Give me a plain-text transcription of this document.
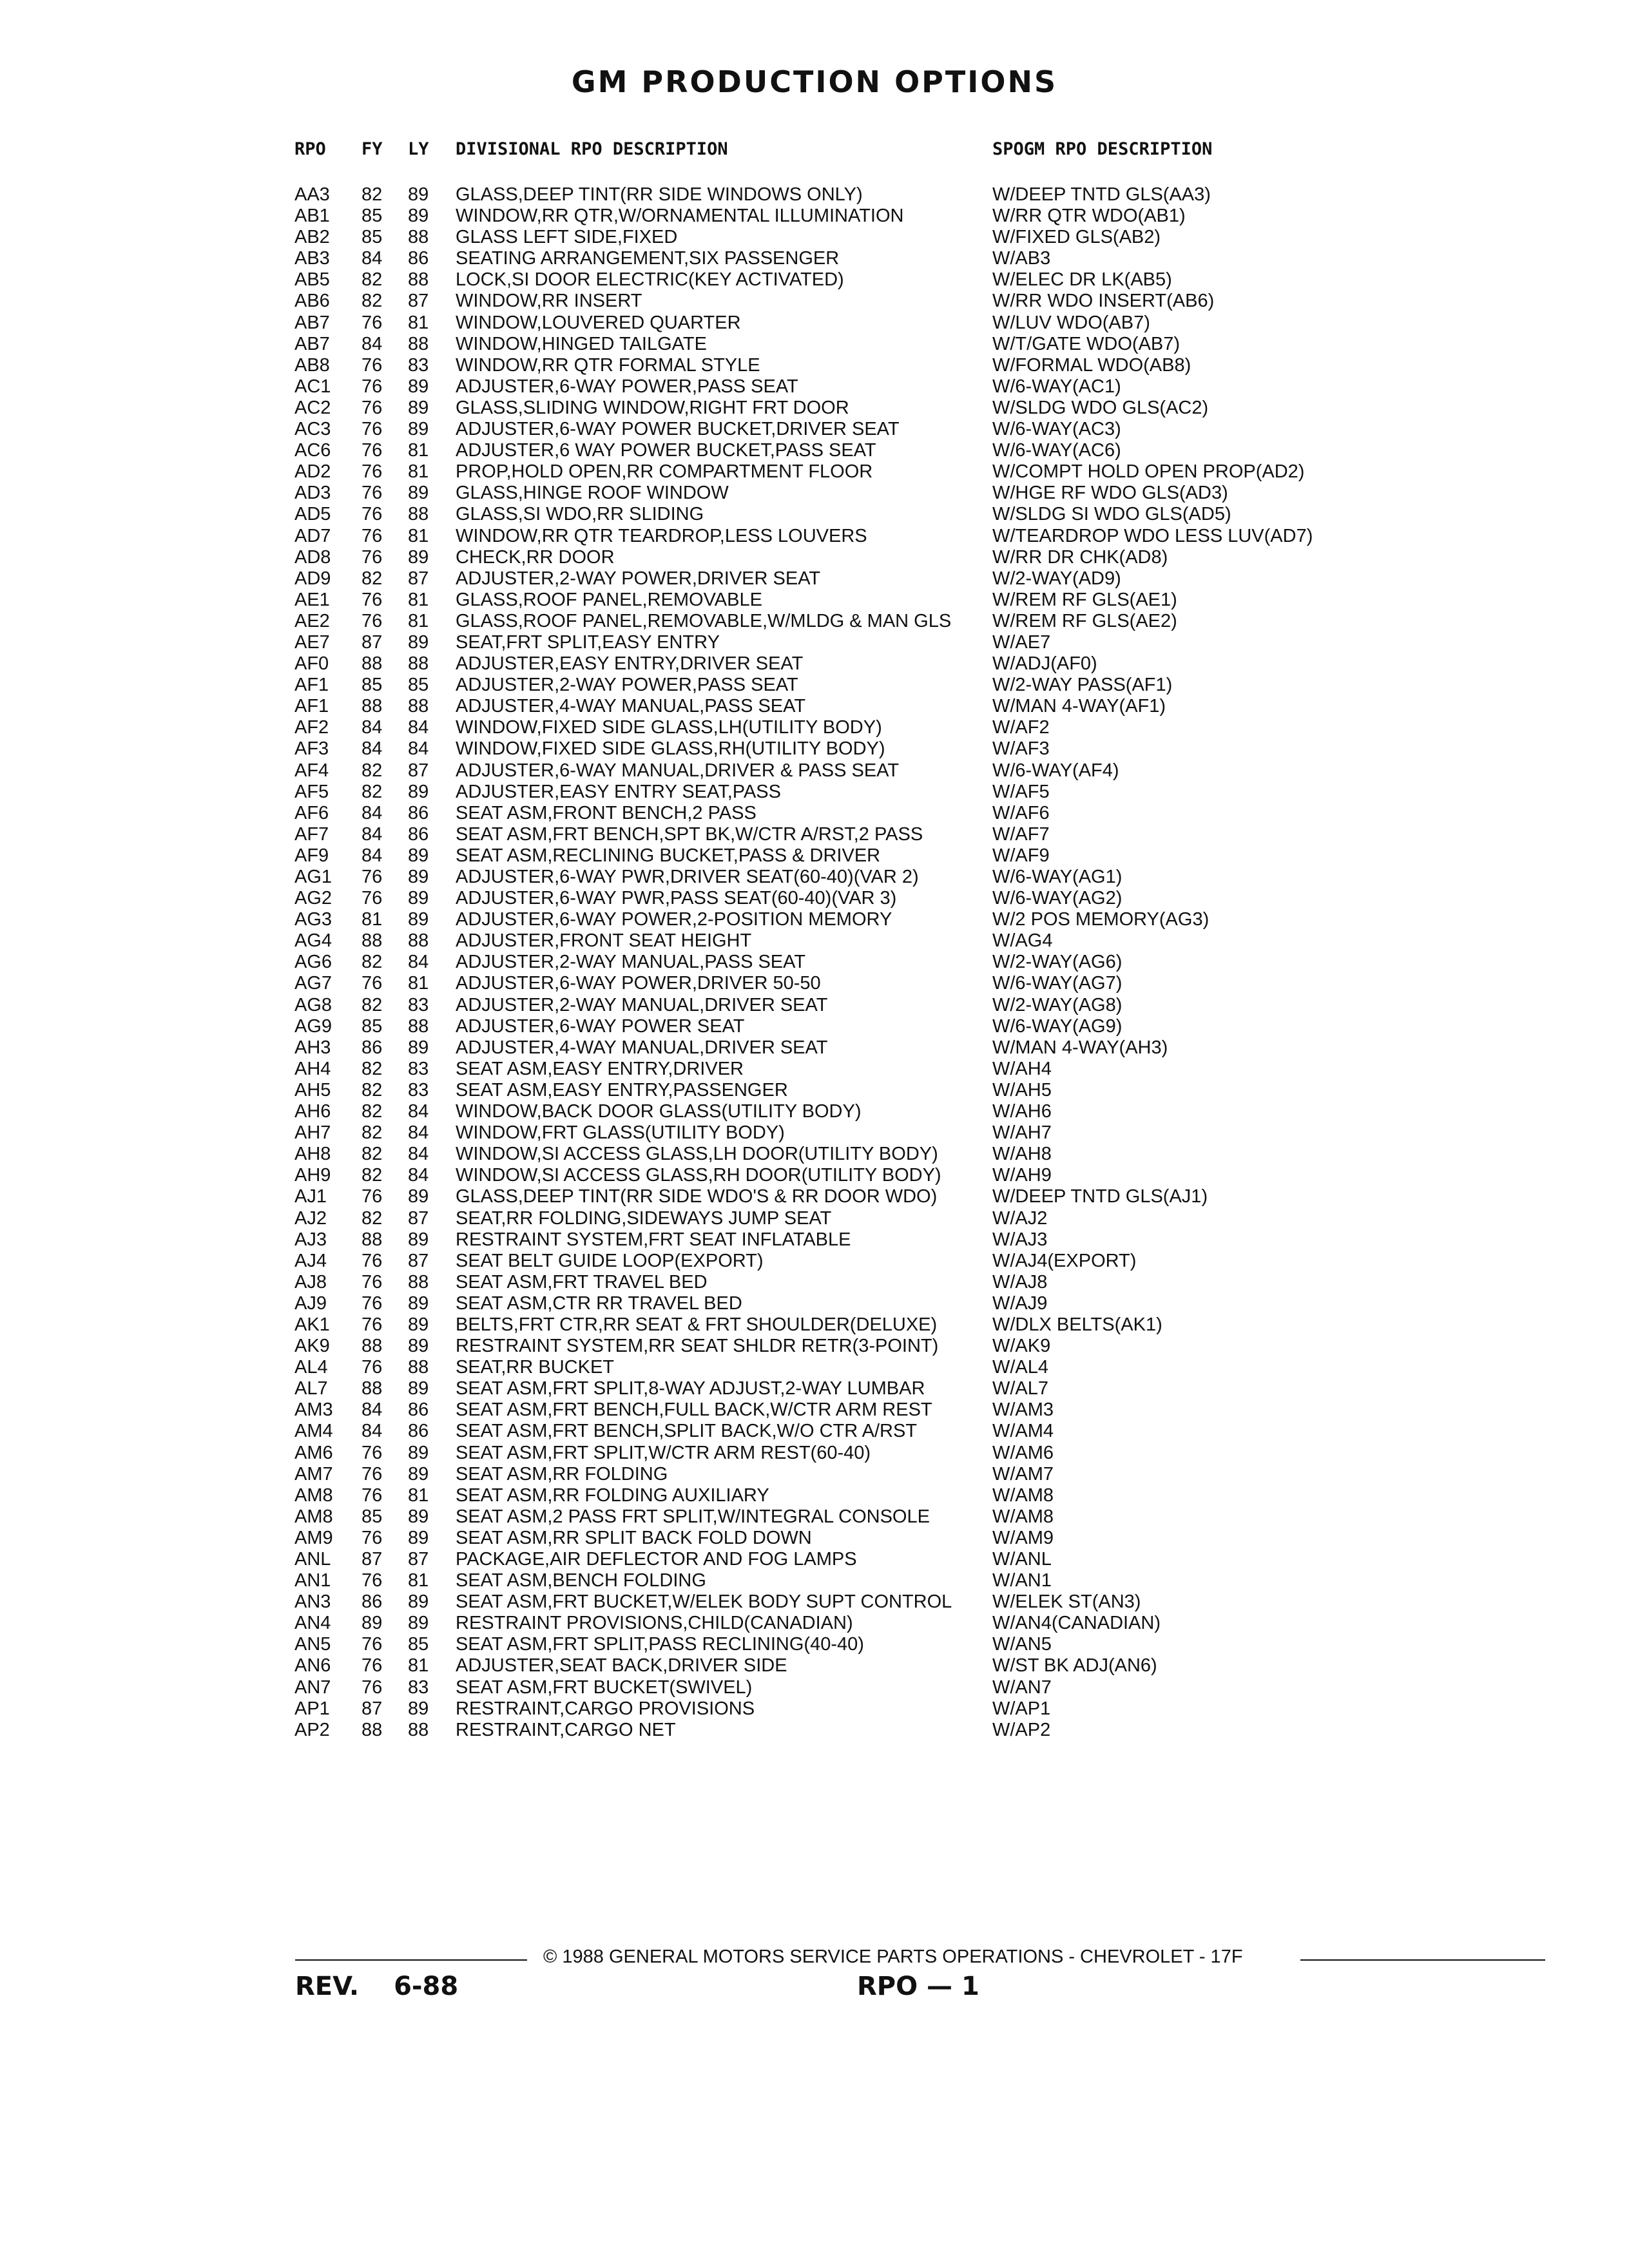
GM PRODUCTION OPTIONS
RPO FY LY DIVISIONAL RPO DESCRIPTION	SPOGM RPO DESCRIPTION
AA3 82 89 GLASS,DEEP TINT(RR SIDE WINDOWS ONLY)	W/DEEP TNTD GLS(AA3)
AB1 85 89 WINDOW,RR QTR,W/ORNAMENTAL ILLUMINATION	W/RR QTR WDO(AB1)
AB2 85 88 GLASS LEFT SIDE,FIXED	W/FIXED GLS(AB2)
AB3 84 86 SEATING ARRANGEMENT,SIX PASSENGER	W/AB3
AB5 82 88 LOCK,SI DOOR ELECTRIC(KEY ACTIVATED)	W/ELEC DR LK(AB5)
AB6 82 87 WINDOW,RR INSERT	W/RR WDO INSERT(AB6)
AB7 76 81 WINDOW,LOUVERED QUARTER	W/LUV WDO(AB7)
AB7 84 88 WINDOW,HINGED TAILGATE	W/T/GATE WDO(AB7)
AB8 76 83 WINDOW,RR QTR FORMAL STYLE	W/FORMAL WDO(AB8)
AC1 76 89 ADJUSTER,6-WAY POWER,PASS SEAT	W/6-WAY(AC1)
AC2 76 89 GLASS,SLIDING WINDOW,RIGHT FRT DOOR	W/SLDG WDO GLS(AC2)
AC3 76 89 ADJUSTER,6-WAY POWER BUCKET,DRIVER SEAT	W/6-WAY(AC3)
AC6 76 81 ADJUSTER,6 WAY POWER BUCKET,PASS SEAT	W/6-WAY(AC6)
AD2 76 81 PROP,HOLD OPEN,RR COMPARTMENT FLOOR	W/COMPT HOLD OPEN PROP(AD2)
AD3 76 89 GLASS,HINGE ROOF WINDOW	W/HGE RF WDO GLS(AD3)
AD5 76 88 GLASS,SI WDO,RR SLIDING	W/SLDG SI WDO GLS(AD5)
AD7 76 81 WINDOW,RR QTR TEARDROP,LESS LOUVERS	W/TEARDROP WDO LESS LUV(AD7)
AD8 76 89 CHECK,RR DOOR	W/RR DR CHK(AD8)
AD9 82 87 ADJUSTER,2-WAY POWER,DRIVER SEAT	W/2-WAY(AD9)
AE1 76 81 GLASS,ROOF PANEL,REMOVABLE	W/REM RF GLS(AE1)
AE2 76 81 GLASS,ROOF PANEL,REMOVABLE,W/MLDG & MAN GLS	W/REM RF GLS(AE2)
AE7 87 89 SEAT,FRT SPLIT,EASY ENTRY	W/AE7
AF0 88 88 ADJUSTER,EASY ENTRY,DRIVER SEAT	W/ADJ(AF0)
AF1 85 85 ADJUSTER,2-WAY POWER,PASS SEAT	W/2-WAY PASS(AF1)
AF1 88 88 ADJUSTER,4-WAY MANUAL,PASS SEAT	W/MAN 4-WAY(AF1)
AF2 84 84 WINDOW,FIXED SIDE GLASS,LH(UTILITY BODY)	W/AF2
AF3 84 84 WINDOW,FIXED SIDE GLASS,RH(UTILITY BODY)	W/AF3
AF4 82 87 ADJUSTER,6-WAY MANUAL,DRIVER & PASS SEAT	W/6-WAY(AF4)
AF5 82 89 ADJUSTER,EASY ENTRY SEAT,PASS	W/AF5
AF6 84 86 SEAT ASM,FRONT BENCH,2 PASS	W/AF6
AF7 84 86 SEAT ASM,FRT BENCH,SPT BK,W/CTR A/RST,2 PASS	W/AF7
AF9 84 89 SEAT ASM,RECLINING BUCKET,PASS & DRIVER	W/AF9
AG1 76 89 ADJUSTER,6-WAY PWR,DRIVER SEAT(60-40)(VAR 2)	W/6-WAY(AG1)
AG2 76 89 ADJUSTER,6-WAY PWR,PASS SEAT(60-40)(VAR 3)	W/6-WAY(AG2)
AG3 81 89 ADJUSTER,6-WAY POWER,2-POSITION MEMORY	W/2 POS MEMORY(AG3)
AG4 88 88 ADJUSTER,FRONT SEAT HEIGHT	W/AG4
AG6 82 84 ADJUSTER,2-WAY MANUAL,PASS SEAT	W/2-WAY(AG6)
AG7 76 81 ADJUSTER,6-WAY POWER,DRIVER 50-50	W/6-WAY(AG7)
AG8 82 83 ADJUSTER,2-WAY MANUAL,DRIVER SEAT	W/2-WAY(AG8)
AG9 85 88 ADJUSTER,6-WAY POWER SEAT	W/6-WAY(AG9)
AH3 86 89 ADJUSTER,4-WAY MANUAL,DRIVER SEAT	W/MAN 4-WAY(AH3)
AH4 82 83 SEAT ASM,EASY ENTRY,DRIVER	W/AH4
AH5 82 83 SEAT ASM,EASY ENTRY,PASSENGER	W/AH5
AH6 82 84 WINDOW,BACK DOOR GLASS(UTILITY BODY)	W/AH6
AH7 82 84 WINDOW,FRT GLASS(UTILITY BODY)	W/AH7
AH8 82 84 WINDOW,SI ACCESS GLASS,LH DOOR(UTILITY BODY)	W/AH8
AH9 82 84 WINDOW,SI ACCESS GLASS,RH DOOR(UTILITY BODY)	W/AH9
AJ1 76 89 GLASS,DEEP TINT(RR SIDE WDO'S & RR DOOR WDO)	W/DEEP TNTD GLS(AJ1)
AJ2 82 87 SEAT,RR FOLDING,SIDEWAYS JUMP SEAT	W/AJ2
AJ3 88 89 RESTRAINT SYSTEM,FRT SEAT INFLATABLE	W/AJ3
AJ4 76 87 SEAT BELT GUIDE LOOP(EXPORT)	W/AJ4(EXPORT)
AJ8 76 88 SEAT ASM,FRT TRAVEL BED	W/AJ8
AJ9 76 89 SEAT ASM,CTR RR TRAVEL BED	W/AJ9
AK1 76 89 BELTS,FRT CTR,RR SEAT & FRT SHOULDER(DELUXE)	W/DLX BELTS(AK1)
AK9 88 89 RESTRAINT SYSTEM,RR SEAT SHLDR RETR(3-POINT)	W/AK9
AL4 76 88 SEAT,RR BUCKET	W/AL4
AL7 88 89 SEAT ASM,FRT SPLIT,8-WAY ADJUST,2-WAY LUMBAR	W/AL7
AM3 84 86 SEAT ASM,FRT BENCH,FULL BACK,W/CTR ARM REST	W/AM3
AM4 84 86 SEAT ASM,FRT BENCH,SPLIT BACK,W/O CTR A/RST	W/AM4
AM6 76 89 SEAT ASM,FRT SPLIT,W/CTR ARM REST(60-40)	W/AM6
AM7 76 89 SEAT ASM,RR FOLDING	W/AM7
AM8 76 81 SEAT ASM,RR FOLDING AUXILIARY	W/AM8
AM8 85 89 SEAT ASM,2 PASS FRT SPLIT,W/INTEGRAL CONSOLE	W/AM8
AM9 76 89 SEAT ASM,RR SPLIT BACK FOLD DOWN	W/AM9
ANL 87 87 PACKAGE,AIR DEFLECTOR AND FOG LAMPS	W/ANL
AN1 76 81 SEAT ASM,BENCH FOLDING	W/AN1
AN3 86 89 SEAT ASM,FRT BUCKET,W/ELEK BODY SUPT CONTROL	W/ELEK ST(AN3)
AN4 89 89 RESTRAINT PROVISIONS,CHILD(CANADIAN)	W/AN4(CANADIAN)
AN5 76 85 SEAT ASM,FRT SPLIT,PASS RECLINING(40-40)	W/AN5
AN6 76 81 ADJUSTER,SEAT BACK,DRIVER SIDE	W/ST BK ADJ(AN6)
AN7 76 83 SEAT ASM,FRT BUCKET(SWIVEL)	W/AN7
AP1 87 89 RESTRAINT,CARGO PROVISIONS	W/AP1
AP2 88 88 RESTRAINT,CARGO NET	W/AP2
© 1988 GENERAL MOTORS SERVICE PARTS OPERATIONS - CHEVROLET - 17F
REV. 6-88	RPO — 1
